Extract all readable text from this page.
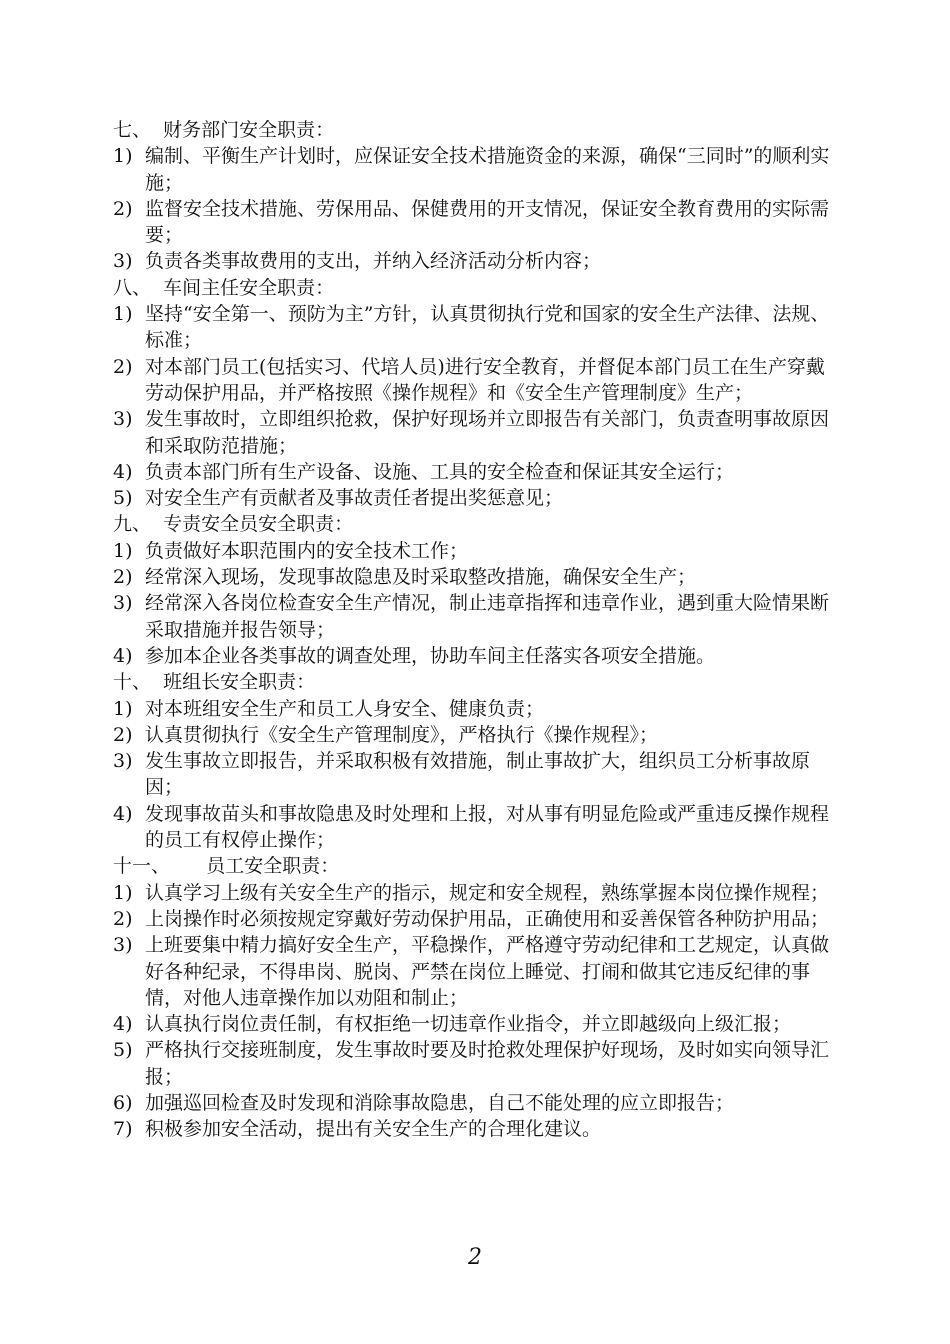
七、  财务部门安全职责：
1) 编制、平衡生产计划时，应保证安全技术措施资金的来源，确保“三同时”的顺利实施；
2) 监督安全技术措施、劳保用品、保健费用的开支情况，保证安全教育费用的实际需要；
3) 负责各类事故费用的支出，并纳入经济活动分析内容；
八、  车间主任安全职责：
1) 坚持“安全第一、预防为主”方针，认真贯彻执行党和国家的安全生产法律、法规、标准；
2) 对本部门员工(包括实习、代培人员)进行安全教育，并督促本部门员工在生产穿戴劳动保护用品，并严格按照《操作规程》和《安全生产管理制度》生产；
3) 发生事故时，立即组织抢救，保护好现场并立即报告有关部门，负责查明事故原因和采取防范措施；
4) 负责本部门所有生产设备、设施、工具的安全检查和保证其安全运行；
5) 对安全生产有贡献者及事故责任者提出奖惩意见；
九、  专责安全员安全职责：
1) 负责做好本职范围内的安全技术工作；
2) 经常深入现场，发现事故隐患及时采取整改措施，确保安全生产；
3) 经常深入各岗位检查安全生产情况，制止违章指挥和违章作业，遇到重大险情果断采取措施并报告领导；
4) 参加本企业各类事故的调查处理，协助车间主任落实各项安全措施。
十、  班组长安全职责：
1) 对本班组安全生产和员工人身安全、健康负责；
2) 认真贯彻执行《安全生产管理制度》，严格执行《操作规程》；
3) 发生事故立即报告，并采取积极有效措施，制止事故扩大，组织员工分析事故原因；
4) 发现事故苗头和事故隐患及时处理和上报，对从事有明显危险或严重违反操作规程的员工有权停止操作；
十一、      员工安全职责：
1) 认真学习上级有关安全生产的指示，规定和安全规程，熟练掌握本岗位操作规程；
2) 上岗操作时必须按规定穿戴好劳动保护用品，正确使用和妥善保管各种防护用品；
3) 上班要集中精力搞好安全生产，平稳操作，严格遵守劳动纪律和工艺规定，认真做好各种纪录，不得串岗、脱岗、严禁在岗位上睡觉、打闹和做其它违反纪律的事情，对他人违章操作加以劝阻和制止；
4) 认真执行岗位责任制，有权拒绝一切违章作业指令，并立即越级向上级汇报；
5) 严格执行交接班制度，发生事故时要及时抢救处理保护好现场，及时如实向领导汇报；
6) 加强巡回检查及时发现和消除事故隐患，自己不能处理的应立即报告；
7) 积极参加安全活动，提出有关安全生产的合理化建议。
2
